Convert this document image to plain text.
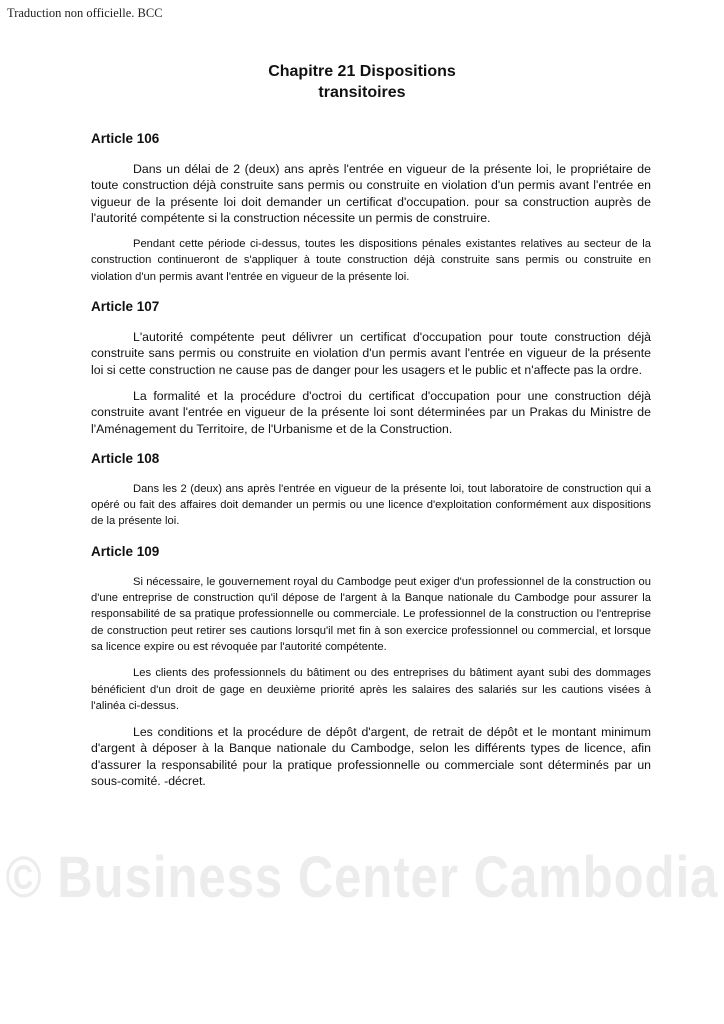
Traduction non officielle. BCC
Chapitre 21 Dispositions
transitoires
Article 106

Dans un délai de 2 (deux) ans après l'entrée en vigueur de la présente loi, le propriétaire de toute construction déjà construite sans permis ou construite en violation d'un permis avant l'entrée en vigueur de la présente loi doit demander un certificat d'occupation. pour sa construction auprès de l'autorité compétente si la construction nécessite un permis de construire.

Pendant cette période ci-dessus, toutes les dispositions pénales existantes relatives au secteur de la construction continueront de s'appliquer à toute construction déjà construite sans permis ou construite en violation d'un permis avant l'entrée en vigueur de la présente loi.

Article 107

L'autorité compétente peut délivrer un certificat d'occupation pour toute construction déjà construite sans permis ou construite en violation d'un permis avant l'entrée en vigueur de la présente loi si cette construction ne cause pas de danger pour les usagers et le public et n'affecte pas la ordre.

La formalité et la procédure d'octroi du certificat d'occupation pour une construction déjà construite avant l'entrée en vigueur de la présente loi sont déterminées par un Prakas du Ministre de l'Aménagement du Territoire, de l'Urbanisme et de la Construction.

Article 108

Dans les 2 (deux) ans après l'entrée en vigueur de la présente loi, tout laboratoire de construction qui a opéré ou fait des affaires doit demander un permis ou une licence d'exploitation conformément aux dispositions de la présente loi.

Article 109

Si nécessaire, le gouvernement royal du Cambodge peut exiger d'un professionnel de la construction ou d'une entreprise de construction qu'il dépose de l'argent à la Banque nationale du Cambodge pour assurer la responsabilité de sa pratique professionnelle ou commerciale. Le professionnel de la construction ou l'entreprise de construction peut retirer ses cautions lorsqu'il met fin à son exercice professionnel ou commercial, et lorsque sa licence expire ou est révoquée par l'autorité compétente.

Les clients des professionnels du bâtiment ou des entreprises du bâtiment ayant subi des dommages bénéficient d'un droit de gage en deuxième priorité après les salaires des salariés sur les cautions visées à l'alinéa ci-dessus.

Les conditions et la procédure de dépôt d'argent, de retrait de dépôt et le montant minimum d'argent à déposer à la Banque nationale du Cambodge, selon les différents types de licence, afin d'assurer la responsabilité pour la pratique professionnelle ou commerciale sont déterminés par un sous-comité. -décret.

© Business Center Cambodia
